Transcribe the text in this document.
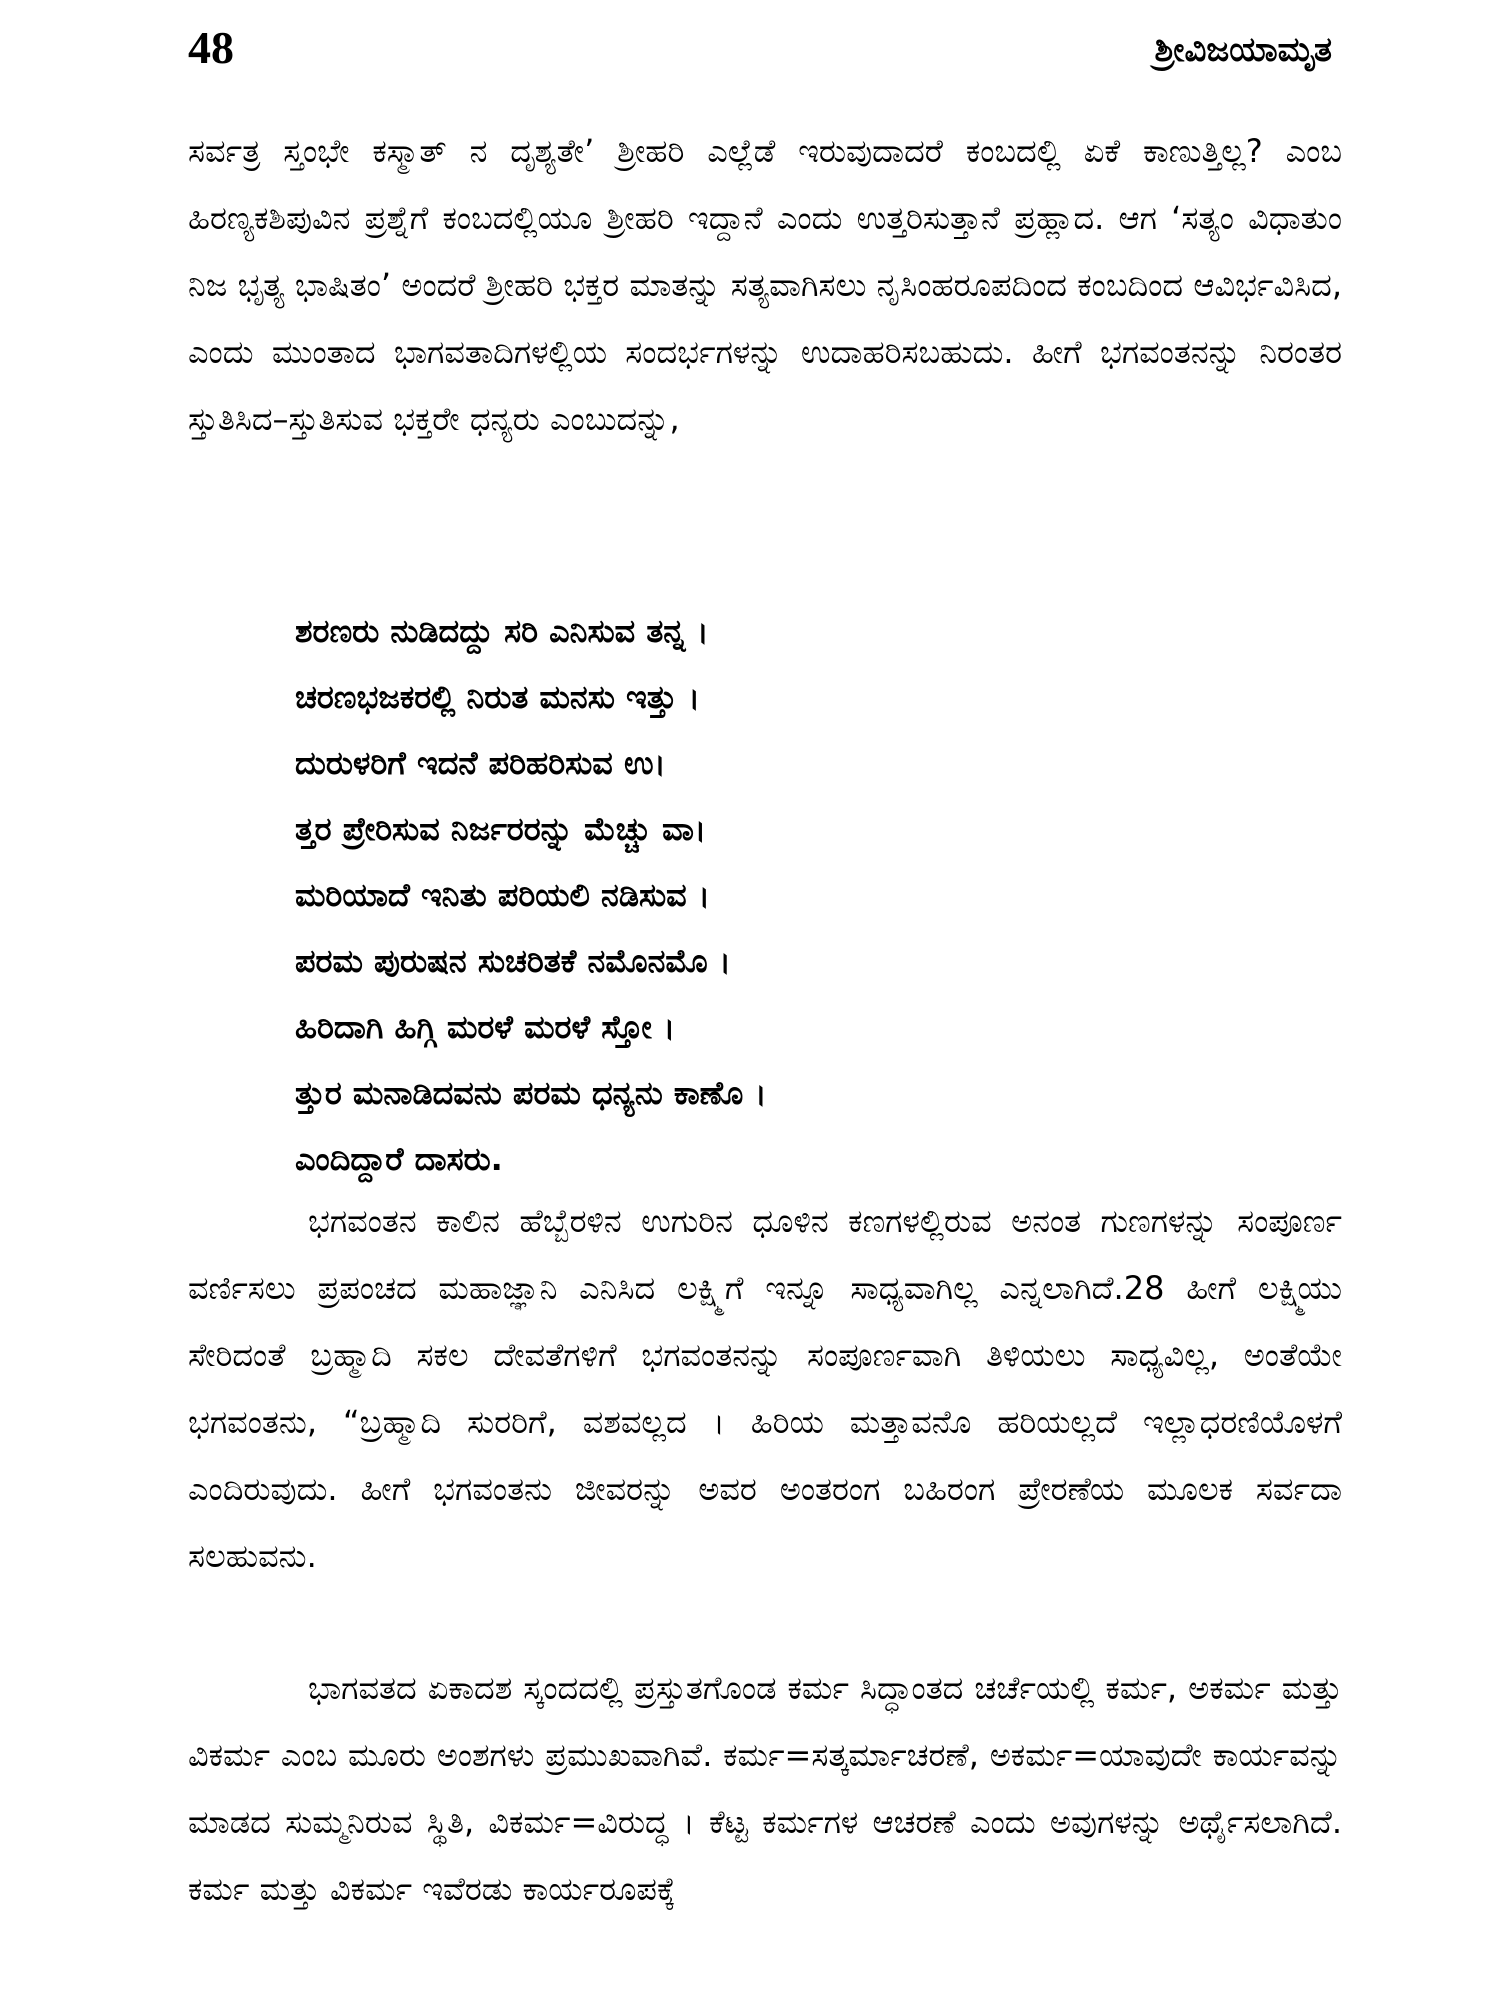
48	ಶ್ರೀವಿಜಯಾಮೃತ

ಸರ್ವತ್ರ ಸ್ತಂಭೇ ಕಸ್ಮಾತ್ ನ ದೃಶ್ಯತೇ’ ಶ್ರೀಹರಿ ಎಲ್ಲೆಡೆ ಇರುವುದಾದರೆ ಕಂಬದಲ್ಲಿ ಏಕೆ ಕಾಣುತ್ತಿಲ್ಲ? ಎಂಬ ಹಿರಣ್ಯಕಶಿಪುವಿನ ಪ್ರಶ್ನೆಗೆ ಕಂಬದಲ್ಲಿಯೂ ಶ್ರೀಹರಿ ಇದ್ದಾನೆ ಎಂದು ಉತ್ತರಿಸುತ್ತಾನೆ ಪ್ರಹ್ಲಾದ. ಆಗ ‘ಸತ್ಯಂ ವಿಧಾತುಂ ನಿಜ ಭೃತ್ಯ ಭಾಷಿತಂ’ ಅಂದರೆ ಶ್ರೀಹರಿ ಭಕ್ತರ ಮಾತನ್ನು ಸತ್ಯವಾಗಿಸಲು ನೃಸಿಂಹರೂಪದಿಂದ ಕಂಬದಿಂದ ಆವಿರ್ಭವಿಸಿದ, ಎಂದು ಮುಂತಾದ ಭಾಗವತಾದಿಗಳಲ್ಲಿಯ ಸಂದರ್ಭಗಳನ್ನು ಉದಾಹರಿಸಬಹುದು. ಹೀಗೆ ಭಗವಂತನನ್ನು ನಿರಂತರ ಸ್ತುತಿಸಿದ–ಸ್ತುತಿಸುವ ಭಕ್ತರೇ ಧನ್ಯರು ಎಂಬುದನ್ನು,

ಶರಣರು ನುಡಿದದ್ದು ಸರಿ ಎನಿಸುವ ತನ್ನ ।
ಚರಣಭಜಕರಲ್ಲಿ ನಿರುತ ಮನಸು ಇತ್ತು ।
ದುರುಳರಿಗೆ ಇದನೆ ಪರಿಹರಿಸುವ ಉ।
ತ್ತರ ಪ್ರೇರಿಸುವ ನಿರ್ಜರರನ್ನು ಮೆಚ್ಚು ವಾ।
ಮರಿಯಾದೆ ಇನಿತು ಪರಿಯಲಿ ನಡಿಸುವ ।
ಪರಮ ಪುರುಷನ ಸುಚರಿತಕೆ ನಮೊನಮೊ ।
ಹಿರಿದಾಗಿ ಹಿಗ್ಗಿ ಮರಳೆ ಮರಳೆ ಸ್ತೋ ।
ತ್ತುರ ಮನಾಡಿದವನು ಪರಮ ಧನ್ಯನು ಕಾಣೊ ।
ಎಂದಿದ್ದಾರೆ ದಾಸರು.

ಭಗವಂತನ ಕಾಲಿನ ಹೆಬ್ಬೆರಳಿನ ಉಗುರಿನ ಧೂಳಿನ ಕಣಗಳಲ್ಲಿರುವ ಅನಂತ ಗುಣಗಳನ್ನು ಸಂಪೂರ್ಣ ವರ್ಣಿಸಲು ಪ್ರಪಂಚದ ಮಹಾಜ್ಞಾನಿ ಎನಿಸಿದ ಲಕ್ಷ್ಮಿಗೆ ಇನ್ನೂ ಸಾಧ್ಯವಾಗಿಲ್ಲ ಎನ್ನಲಾಗಿದೆ.28 ಹೀಗೆ ಲಕ್ಷ್ಮಿಯು ಸೇರಿದಂತೆ ಬ್ರಹ್ಮಾದಿ ಸಕಲ ದೇವತೆಗಳಿಗೆ ಭಗವಂತನನ್ನು ಸಂಪೂರ್ಣವಾಗಿ ತಿಳಿಯಲು ಸಾಧ್ಯವಿಲ್ಲ, ಅಂತೆಯೇ ಭಗವಂತನು, “ಬ್ರಹ್ಮಾದಿ ಸುರರಿಗೆ, ವಶವಲ್ಲದ । ಹಿರಿಯ ಮತ್ತಾವನೊ ಹರಿಯಲ್ಲದೆ ಇಲ್ಲಾಧರಣಿಯೊಳಗೆ ಎಂದಿರುವುದು. ಹೀಗೆ ಭಗವಂತನು ಜೀವರನ್ನು ಅವರ ಅಂತರಂಗ ಬಹಿರಂಗ ಪ್ರೇರಣೆಯ ಮೂಲಕ ಸರ್ವದಾ ಸಲಹುವನು.

ಭಾಗವತದ ಏಕಾದಶ ಸ್ಕಂದದಲ್ಲಿ ಪ್ರಸ್ತುತಗೊಂಡ ಕರ್ಮ ಸಿದ್ಧಾಂತದ ಚರ್ಚೆಯಲ್ಲಿ ಕರ್ಮ, ಅಕರ್ಮ ಮತ್ತು ವಿಕರ್ಮ ಎಂಬ ಮೂರು ಅಂಶಗಳು ಪ್ರಮುಖವಾಗಿವೆ. ಕರ್ಮ=ಸತ್ಕರ್ಮಾಚರಣೆ, ಅಕರ್ಮ=ಯಾವುದೇ ಕಾರ್ಯವನ್ನು ಮಾಡದ ಸುಮ್ಮನಿರುವ ಸ್ಥಿತಿ, ವಿಕರ್ಮ=ವಿರುದ್ಧ । ಕೆಟ್ಟ ಕರ್ಮಗಳ ಆಚರಣೆ ಎಂದು ಅವುಗಳನ್ನು ಅರ್ಥೈಸಲಾಗಿದೆ. ಕರ್ಮ ಮತ್ತು ವಿಕರ್ಮ ಇವೆರಡು ಕಾರ್ಯರೂಪಕ್ಕೆ
